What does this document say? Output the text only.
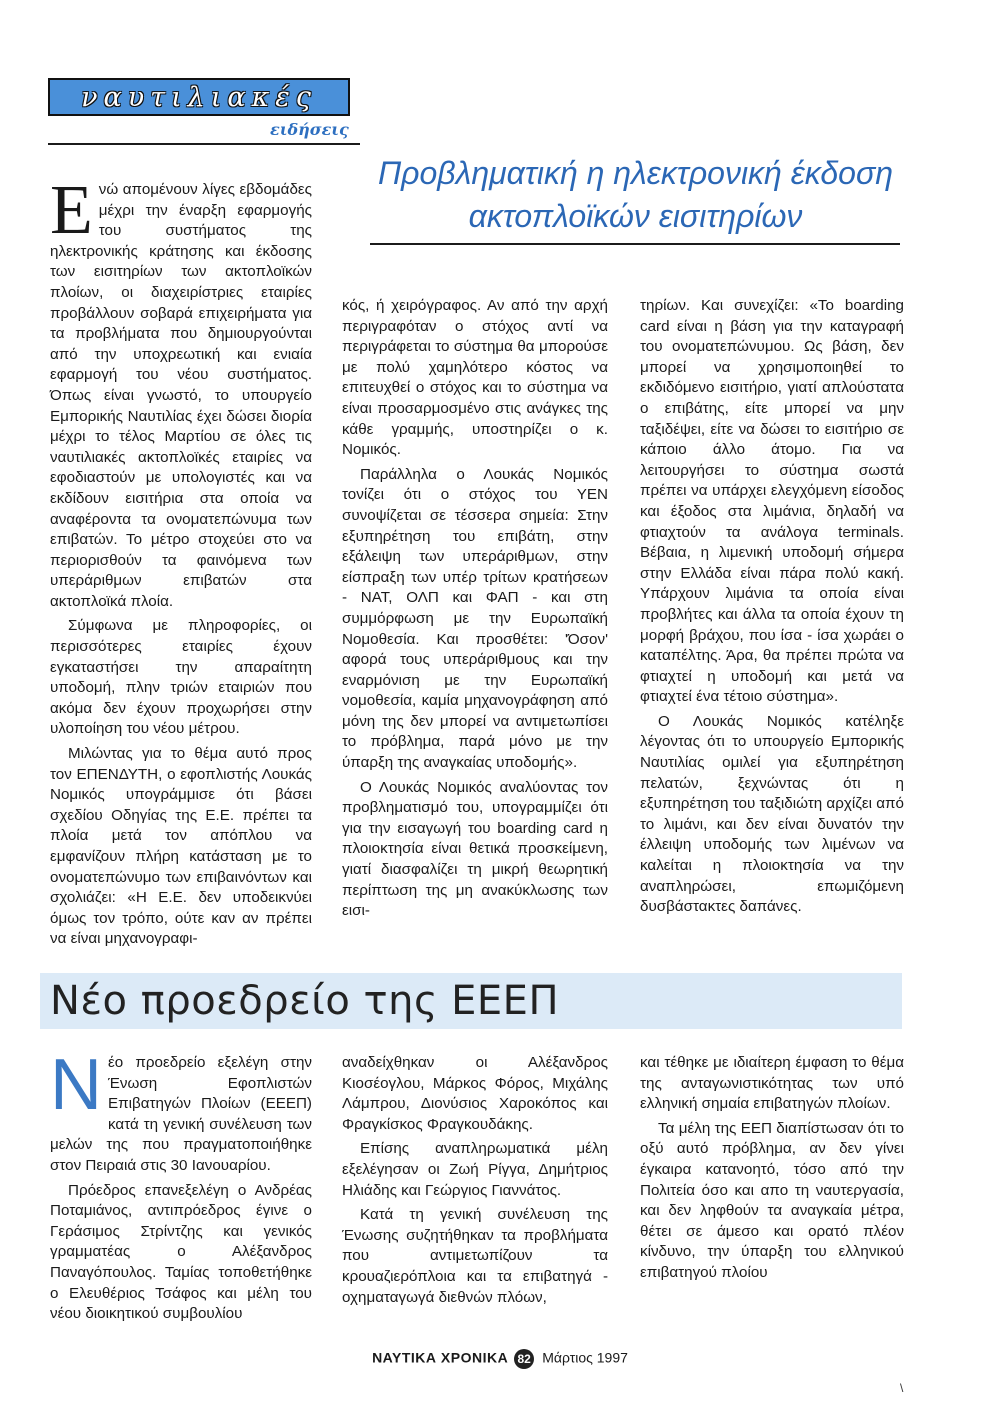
ναυτιλιακές
ειδήσεις
Προβληματική η ηλεκτρονική έκδοση
ακτοπλοϊκών εισιτηρίων

Ενώ απομένουν λίγες εβδομάδες μέχρι την έναρξη εφαρμογής του συστήματος της ηλεκτρονικής κράτησης και έκδοσης των εισιτηρίων των ακτοπλοϊκών πλοίων, οι διαχειρίστριες εταιρίες προβάλλουν σοβαρά επιχειρήματα για τα προβλήματα που δημιουργούνται από την υποχρεωτική και ενιαία εφαρμογή του νέου συστήματος. Όπως είναι γνωστό, το υπουργείο Εμπορικής Ναυτιλίας έχει δώσει διορία μέχρι το τέλος Μαρτίου σε όλες τις ναυτιλιακές ακτοπλοϊκές εταιρίες να εφοδιαστούν με υπολογιστές και να εκδίδουν εισιτήρια στα οποία να αναφέροντα τα ονοματεπώνυμα των επιβατών. Το μέτρο στοχεύει στο να περιορισθούν τα φαινόμενα των υπεράριθμων επιβατών στα ακτοπλοϊκά πλοία.

Σύμφωνα με πληροφορίες, οι περισσότερες εταιρίες έχουν εγκαταστήσει την απαραίτητη υποδομή, πλην τριών εταιριών που ακόμα δεν έχουν προχωρήσει στην υλοποίηση του νέου μέτρου.

Μιλώντας για το θέμα αυτό προς τον ΕΠΕΝΔΥΤΗ, ο εφοπλιστής Λουκάς Νομικός υπογράμμισε ότι βάσει σχεδίου Οδηγίας της Ε.Ε. πρέπει τα πλοία μετά τον απόπλου να εμφανίζουν πλήρη κατάσταση με το ονοματεπώνυμο των επιβαινόντων και σχολιάζει: «Η Ε.Ε. δεν υποδεικνύει όμως τον τρόπο, ούτε καν αν πρέπει να είναι μηχανογραφι-

κός, ή χειρόγραφος. Αν από την αρχή περιγραφόταν ο στόχος αντί να περιγράφεται το σύστημα θα μπορούσε με πολύ χαμηλότερο κόστος να επιτευχθεί ο στόχος και το σύστημα να είναι προσαρμοσμένο στις ανάγκες της κάθε γραμμής, υποστηρίζει ο κ. Νομικός.

Παράλληλα ο Λουκάς Νομικός τονίζει ότι ο στόχος του ΥΕΝ συνοψίζεται σε τέσσερα σημεία: Στην εξυπηρέτηση του επιβάτη, στην εξάλειψη των υπεράριθμων, στην είσπραξη των υπέρ τρίτων κρατήσεων - ΝΑΤ, ΟΛΠ και ΦΑΠ - και στη συμμόρφωση με την Ευρωπαϊκή Νομοθεσία. Και προσθέτει: 'Όσον' αφορά τους υπεράριθμους και την εναρμόνιση με την Ευρωπαϊκή νομοθεσία, καμία μηχανογράφηση από μόνη της δεν μπορεί να αντιμετωπίσει το πρόβλημα, παρά μόνο με την ύπαρξη της αναγκαίας υποδομής».

Ο Λουκάς Νομικός αναλύοντας τον προβληματισμό του, υπογραμμίζει ότι για την εισαγωγή του boarding card η πλοιοκτησία είναι θετικά προσκείμενη, γιατί διασφαλίζει τη μικρή θεωρητική περίπτωση της μη ανακύκλωσης των εισι-

τηρίων. Και συνεχίζει: «Το boarding card είναι η βάση για την καταγραφή του ονοματεπώνυμου. Ως βάση, δεν μπορεί να χρησιμοποιηθεί το εκδιδόμενο εισιτήριο, γιατί απλούστατα ο επιβάτης, είτε μπορεί να μην ταξιδέψει, είτε να δώσει το εισιτήριο σε κάποιο άλλο άτομο. Για να λειτουργήσει το σύστημα σωστά πρέπει να υπάρχει ελεγχόμενη είσοδος και έξοδος στα λιμάνια, δηλαδή να φτιαχτούν τα ανάλογα terminals. Βέβαια, η λιμενική υποδομή σήμερα στην Ελλάδα είναι πάρα πολύ κακή. Υπάρχουν λιμάνια τα οποία είναι προβλήτες και άλλα τα οποία έχουν τη μορφή βράχου, που ίσα - ίσα χωράει ο καταπέλτης. Άρα, θα πρέπει πρώτα να φτιαχτεί η υποδομή και μετά να φτιαχτεί ένα τέτοιο σύστημα».

Ο Λουκάς Νομικός κατέληξε λέγοντας ότι το υπουργείο Εμπορικής Ναυτιλίας ομιλεί για εξυπηρέτηση πελατών, ξεχνώντας ότι η εξυπηρέτηση του ταξιδιώτη αρχίζει από το λιμάνι, και δεν είναι δυνατόν την έλλειψη υποδομής των λιμένων να καλείται η πλοιοκτησία να την αναπληρώσει, επωμιζόμενη δυσβάστακτες δαπάνες.

Νέο προεδρείο της ΕΕΕΠ

Νέο προεδρείο εξελέγη στην Ένωση Εφοπλιστών Επιβατηγών Πλοίων (ΕΕΕΠ) κατά τη γενική συνέλευση των μελών της που πραγματοποιήθηκε στον Πειραιά στις 30 Ιανουαρίου.

Πρόεδρος επανεξελέγη ο Ανδρέας Ποταμιάνος, αντιπρόεδρος έγινε ο Γεράσιμος Στρίντζης και γενικός γραμματέας ο Αλέξανδρος Παναγόπουλος. Ταμίας τοποθετήθηκε ο Ελευθέριος Τσάφος και μέλη του νέου διοικητικού συμβουλίου

αναδείχθηκαν οι Αλέξανδρος Κιοσέογλου, Μάρκος Φόρος, Μιχάλης Λάμπρου, Διονύσιος Χαροκόπος και Φραγκίσκος Φραγκουδάκης.

Επίσης αναπληρωματικά μέλη εξελέγησαν οι Ζωή Ρίγγα, Δημήτριος Ηλιάδης και Γεώργιος Γιαννάτος.

Κατά τη γενική συνέλευση της Ένωσης συζητήθηκαν τα προβλήματα που αντιμετωπίζουν τα κρουαζιερόπλοια και τα επιβατηγά - οχηματαγωγά διεθνών πλόων,

και τέθηκε με ιδιαίτερη έμφαση το θέμα της ανταγωνιστικότητας των υπό ελληνική σημαία επιβατηγών πλοίων.

Τα μέλη της ΕΕΠ διαπίστωσαν ότι το οξύ αυτό πρόβλημα, αν δεν γίνει έγκαιρα κατανοητό, τόσο από την Πολιτεία όσο και απο τη ναυτεργασία, και δεν ληφθούν τα αναγκαία μέτρα, θέτει σε άμεσο και ορατό πλέον κίνδυνο, την ύπαρξη του ελληνικού επιβατηγού πλοίου

ΝΑΥΤΙΚΑ ΧΡΟΝΙΚΑ 82 Μάρτιος 1997
\
